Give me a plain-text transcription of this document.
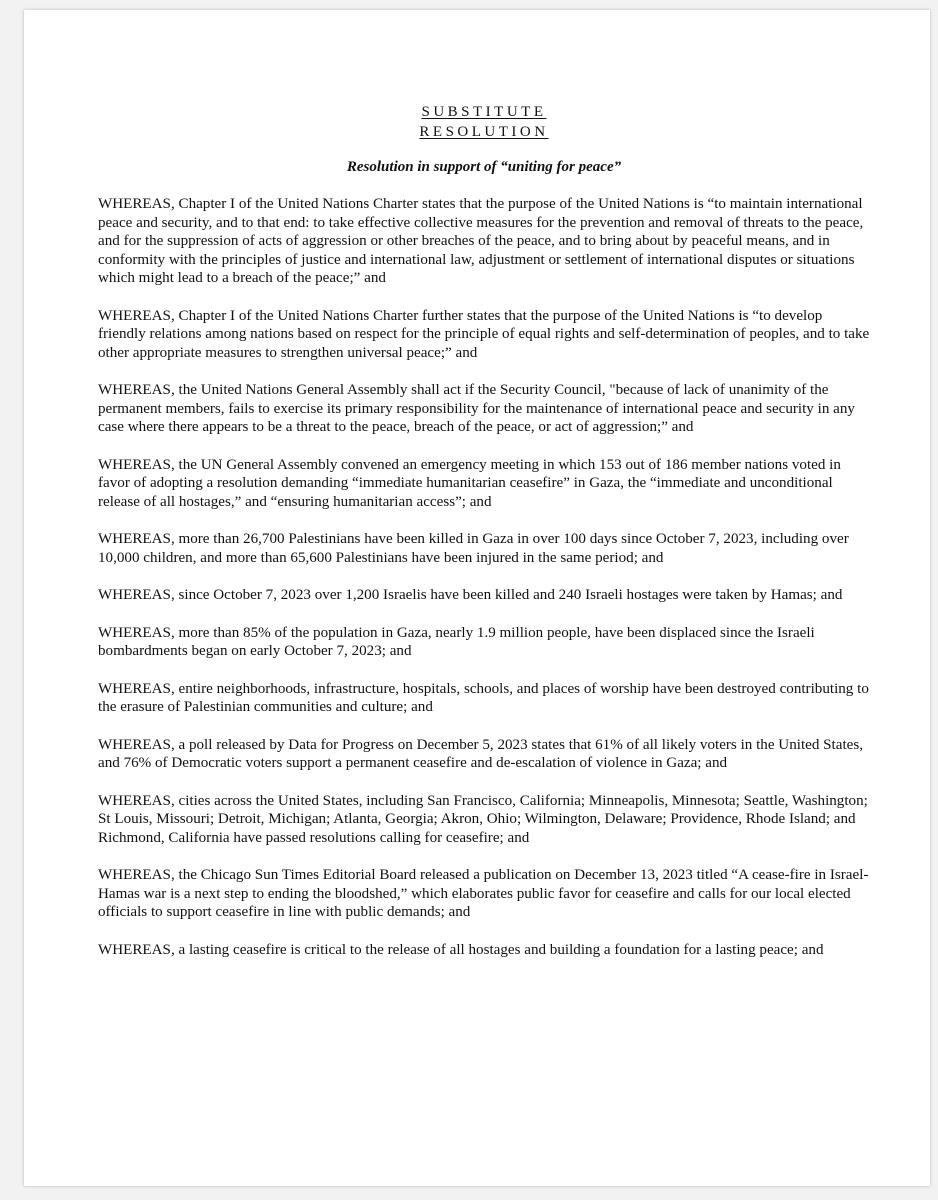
SUBSTITUTE
RESOLUTION

Resolution in support of “uniting for peace”

WHEREAS, Chapter I of the United Nations Charter states that the purpose of the United Nations is “to maintain international peace and security, and to that end: to take effective collective measures for the prevention and removal of threats to the peace, and for the suppression of acts of aggression or other breaches of the peace, and to bring about by peaceful means, and in conformity with the principles of justice and international law, adjustment or settlement of international disputes or situations which might lead to a breach of the peace;” and

WHEREAS, Chapter I of the United Nations Charter further states that the purpose of the United Nations is “to develop friendly relations among nations based on respect for the principle of equal rights and self-determination of peoples, and to take other appropriate measures to strengthen universal peace;” and

WHEREAS, the United Nations General Assembly shall act if the Security Council, "because of lack of unanimity of the permanent members, fails to exercise its primary responsibility for the maintenance of international peace and security in any case where there appears to be a threat to the peace, breach of the peace, or act of aggression;” and

WHEREAS, the UN General Assembly convened an emergency meeting in which 153 out of 186 member nations voted in favor of adopting a resolution demanding “immediate humanitarian ceasefire” in Gaza, the “immediate and unconditional release of all hostages,” and “ensuring humanitarian access”; and

WHEREAS, more than 26,700 Palestinians have been killed in Gaza in over 100 days since October 7, 2023, including over 10,000 children, and more than 65,600 Palestinians have been injured in the same period; and

WHEREAS, since October 7, 2023 over 1,200 Israelis have been killed and 240 Israeli hostages were taken by Hamas; and

WHEREAS, more than 85% of the population in Gaza, nearly 1.9 million people, have been displaced since the Israeli bombardments began on early October 7, 2023; and

WHEREAS, entire neighborhoods, infrastructure, hospitals, schools, and places of worship have been destroyed contributing to the erasure of Palestinian communities and culture; and

WHEREAS, a poll released by Data for Progress on December 5, 2023 states that 61% of all likely voters in the United States, and 76% of Democratic voters support a permanent ceasefire and de-escalation of violence in Gaza; and

WHEREAS, cities across the United States, including San Francisco, California; Minneapolis, Minnesota; Seattle, Washington; St Louis, Missouri; Detroit, Michigan; Atlanta, Georgia; Akron, Ohio; Wilmington, Delaware; Providence, Rhode Island; and Richmond, California have passed resolutions calling for ceasefire; and

WHEREAS, the Chicago Sun Times Editorial Board released a publication on December 13, 2023 titled “A cease-fire in Israel-Hamas war is a next step to ending the bloodshed,” which elaborates public favor for ceasefire and calls for our local elected officials to support ceasefire in line with public demands; and

WHEREAS, a lasting ceasefire is critical to the release of all hostages and building a foundation for a lasting peace; and
